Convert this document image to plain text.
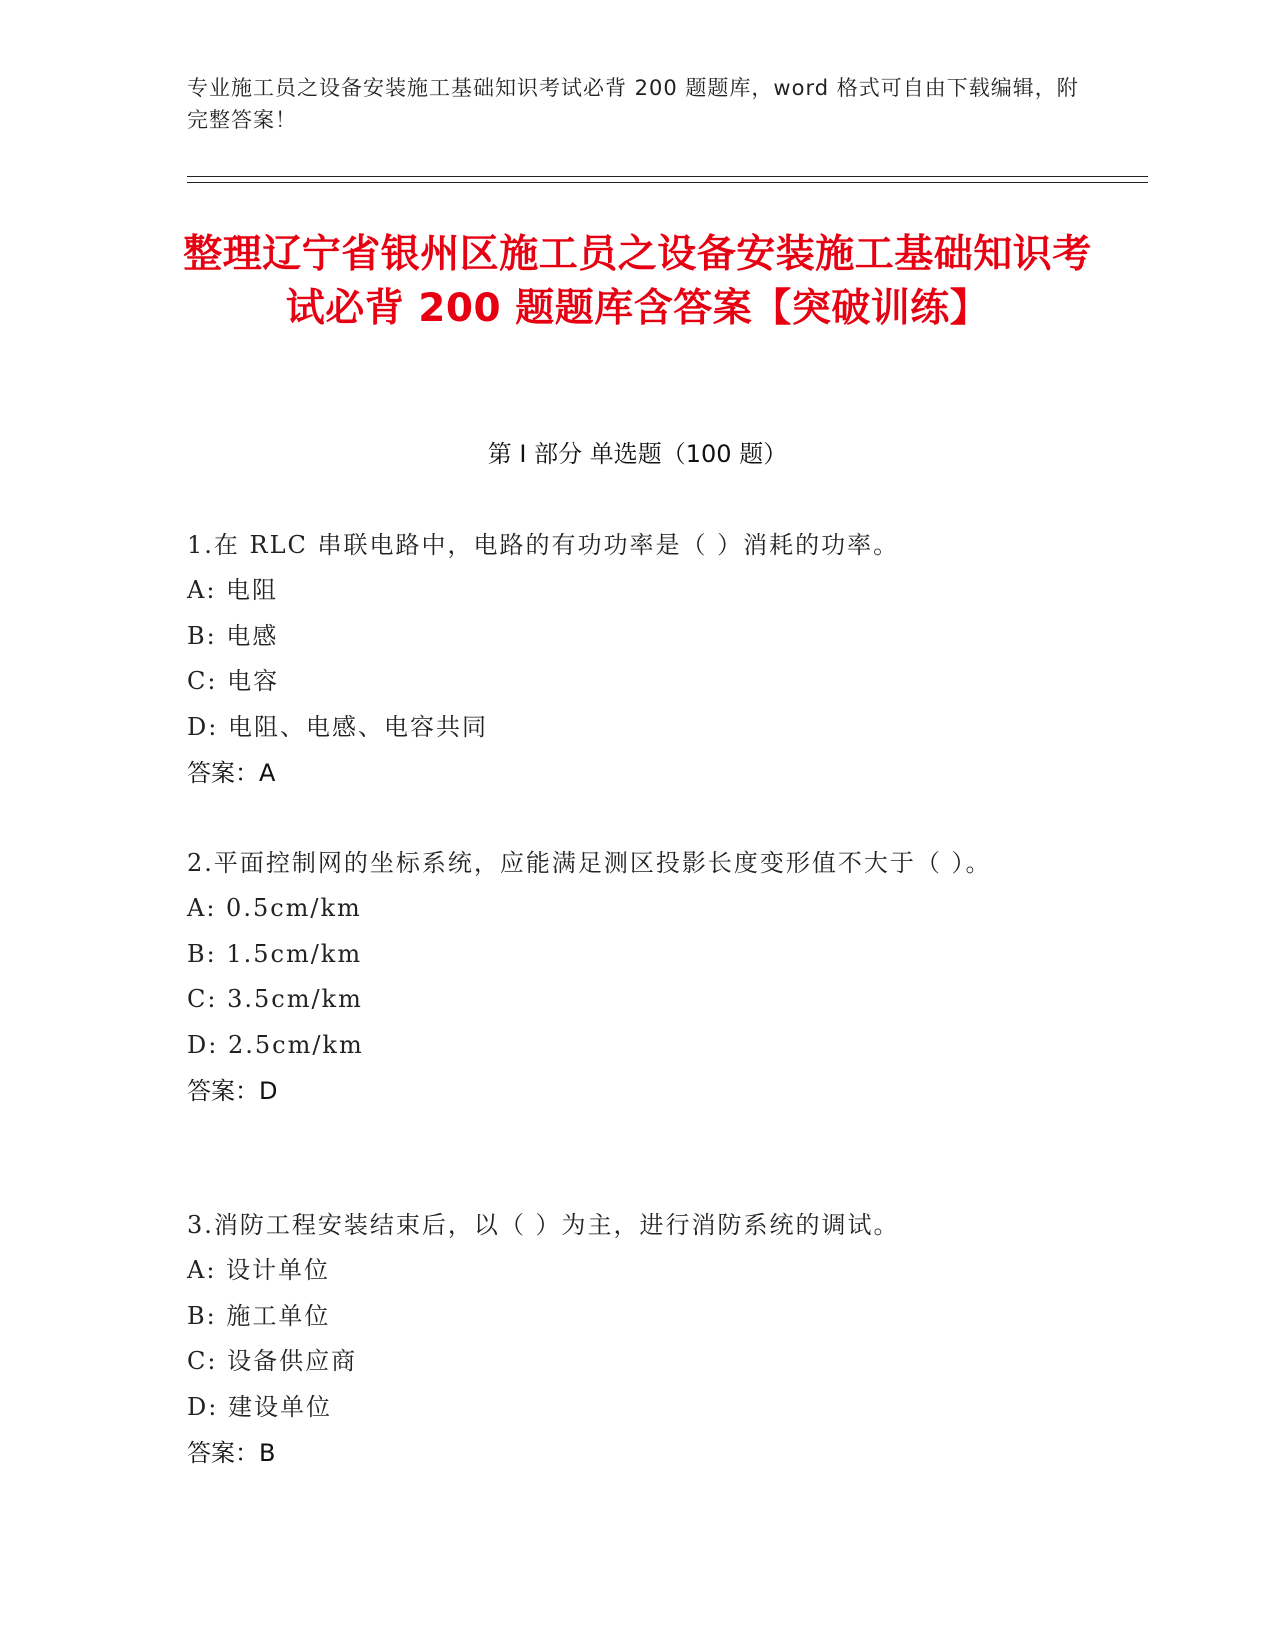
专业施工员之设备安装施工基础知识考试必背 200 题题库，word 格式可自由下载编辑，附完整答案！
整理辽宁省银州区施工员之设备安装施工基础知识考试必背 200 题题库含答案【突破训练】
第 I 部分 单选题（100 题）

1.在 RLC 串联电路中，电路的有功功率是（ ）消耗的功率。

A: 电阻

B: 电感

C: 电容

D: 电阻、电感、电容共同

答案：A

2.平面控制网的坐标系统，应能满足测区投影长度变形值不大于（ ）。

A: 0.5cm/km

B: 1.5cm/km

C: 3.5cm/km

D: 2.5cm/km

答案：D

3.消防工程安装结束后，以（ ）为主，进行消防系统的调试。

A: 设计单位

B: 施工单位

C: 设备供应商

D: 建设单位

答案：B
